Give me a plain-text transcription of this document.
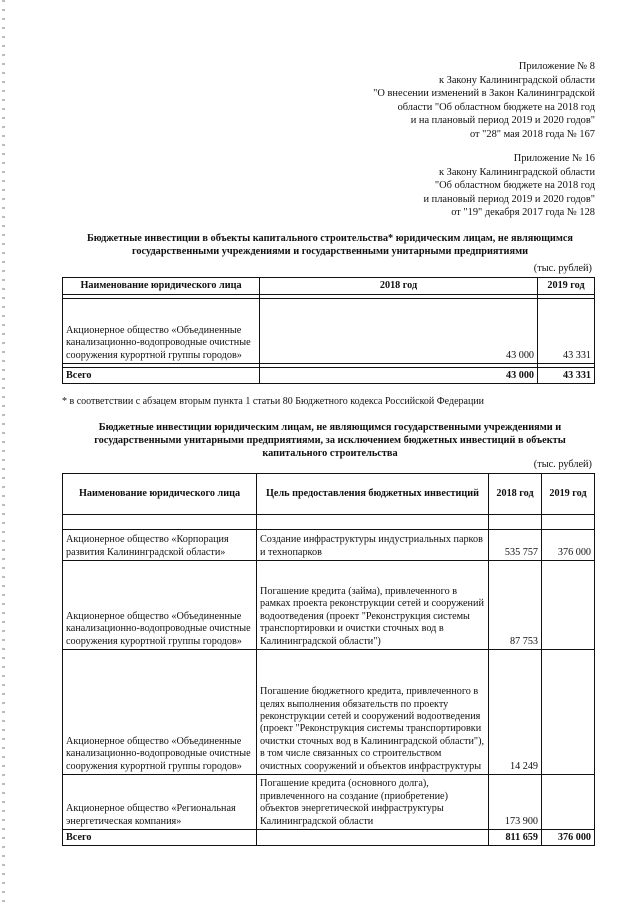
Приложение № 8
к Закону Калининградской области
"О внесении изменений в Закон Калининградской
области "Об областном бюджете на 2018 год
и на плановый период 2019 и 2020 годов"
от "28" мая 2018 года № 167
Приложение № 16
к Закону Калининградской области
"Об областном бюджете на 2018 год
и плановый период 2019 и 2020 годов"
от "19" декабря 2017 года № 128
Бюджетные инвестиции в объекты капитального строительства* юридическим лицам, не являющимся
государственными учреждениями и государственными унитарными предприятиями
(тыс. рублей)
Наименование юридического лица	2018 год	2019 год

Акционерное общество «Объединенные канализационно-водопроводные очистные сооружения курортной группы городов»	43 000	43 331

Всего	43 000	43 331
* в соответствии с абзацем вторым пункта 1 статьи 80 Бюджетного кодекса Российской Федерации
Бюджетные инвестиции юридическим лицам, не являющимся государственными учреждениями и
государственными унитарными предприятиями, за исключением бюджетных инвестиций в объекты
капитального строительства
(тыс. рублей)
Наименование юридического лица	Цель предоставления бюджетных инвестиций	2018 год	2019 год

Акционерное общество «Корпорация развития Калининградской области»	Создание инфраструктуры индустриальных парков и технопарков	535 757	376 000
Акционерное общество «Объединенные канализационно-водопроводные очистные сооружения курортной группы городов»	Погашение кредита (займа), привлеченного в рамках проекта реконструкции сетей и сооружений водоотведения (проект "Реконструкция системы транспортировки и очистки сточных вод в Калининградской области")	87 753	
Акционерное общество «Объединенные канализационно-водопроводные очистные сооружения курортной группы городов»	Погашение бюджетного кредита, привлеченного в целях выполнения обязательств по проекту реконструкции сетей и сооружений водоотведения (проект "Реконструкция системы транспортировки очистки сточных вод в Калининградской области"), в том числе связанных со строительством очистных сооружений и объектов инфраструктуры	14 249	
Акционерное общество «Региональная энергетическая компания»	Погашение кредита (основного долга), привлеченного на создание (приобретение) объектов энергетической инфраструктуры Калининградской области	173 900	
Всего		811 659	376 000
